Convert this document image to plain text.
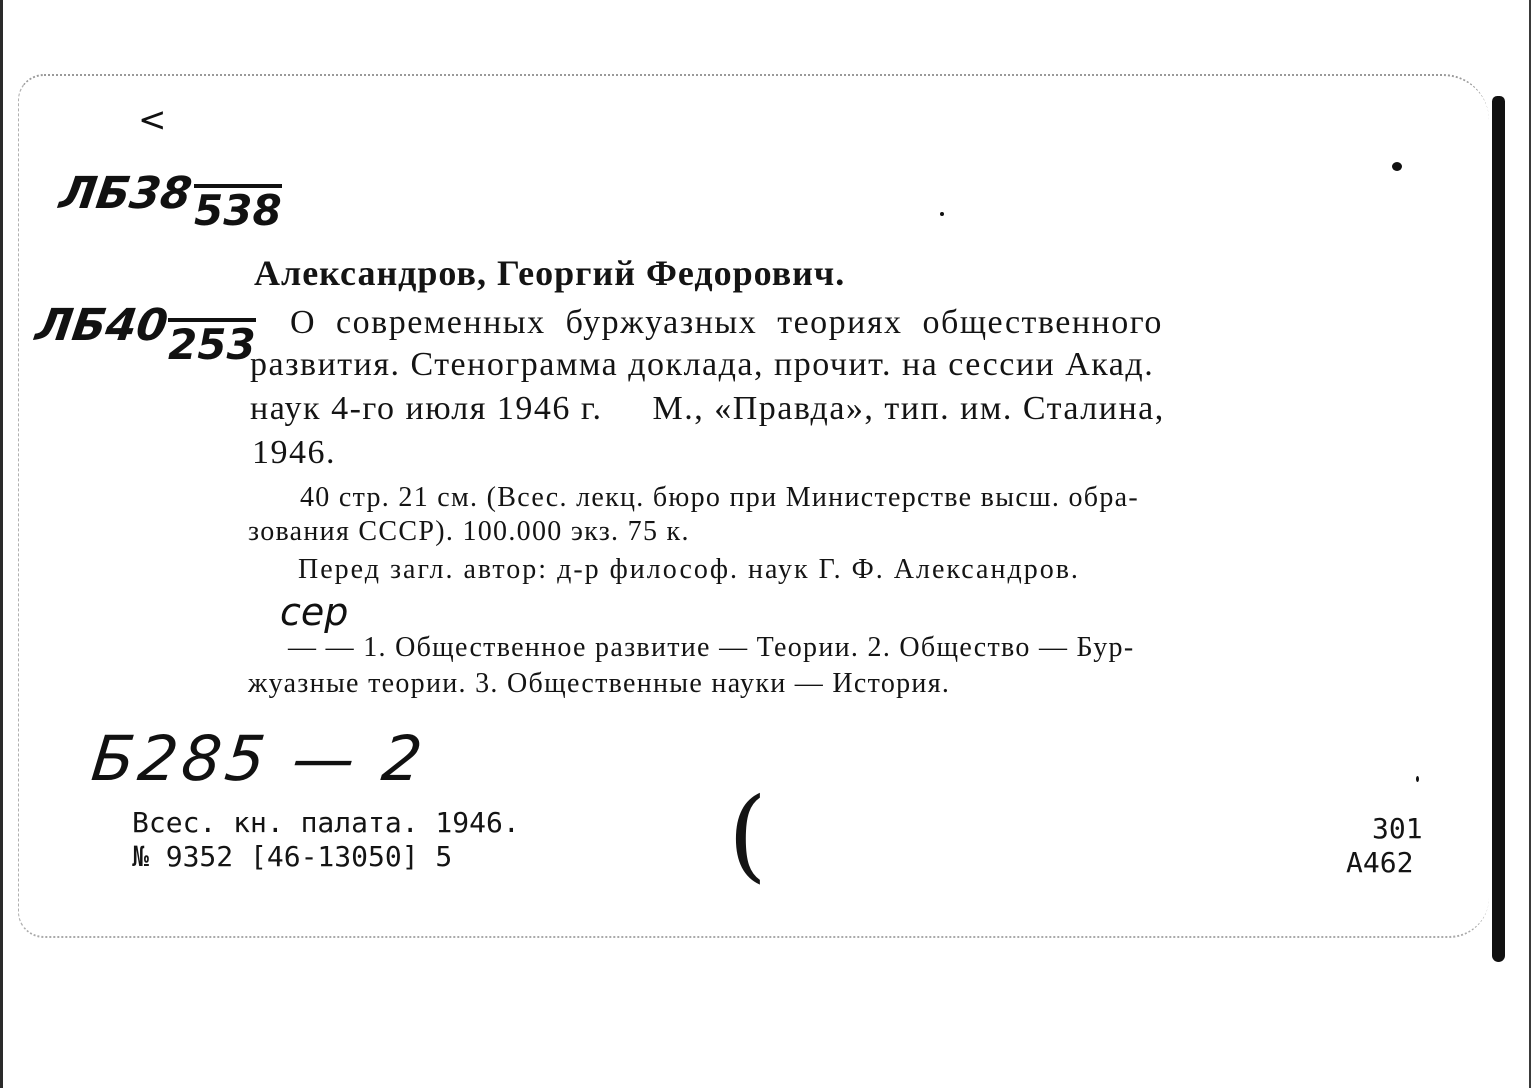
<
ЛБ38 538
ЛБ40
253
сер
Б285 — 2
Александров, Георгий Федорович.
О современных буржуазных теориях общественного
развития. Стенограмма доклада, прочит. на сессии Акад.
наук 4-го июля 1946 г.     М., «Правда», тип. им. Сталина,
1946.
40 стр. 21 см. (Всес. лекц. бюро при Министерстве высш. обра-
зования СССР). 100.000 экз. 75 к.
Перед загл. автор: д-р философ. наук Г. Ф. Александров.
— — 1. Общественное развитие — Теории. 2. Общество — Бур-
жуазные теории. 3. Общественные науки — История.
Всес. кн. палата. 1946.
№ 9352 [46-13050] 5	(	301
А462
